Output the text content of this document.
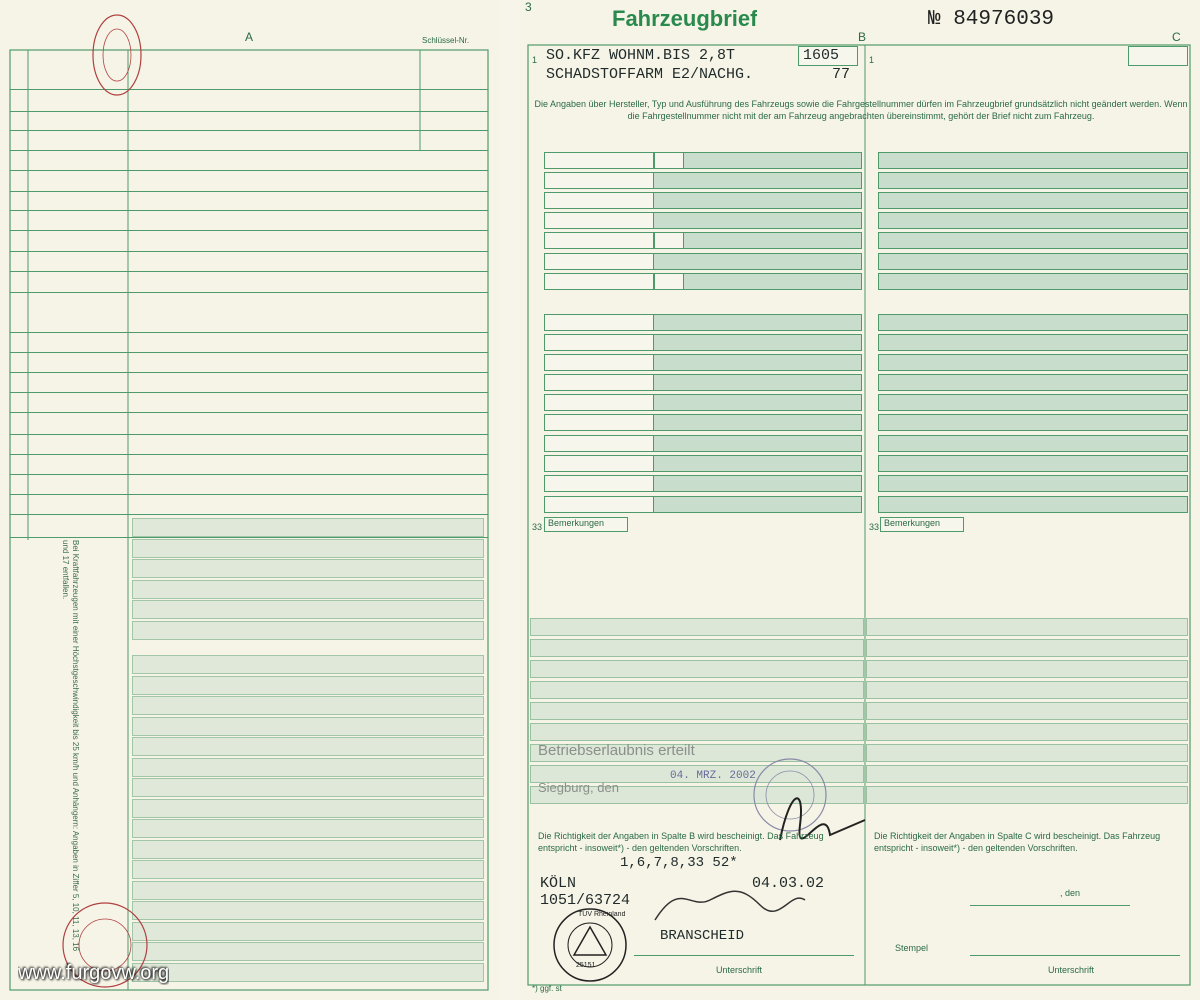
A	Schlüssel-Nr.
Bei Kraftfahrzeugen mit einer Höchstgeschwindigkeit bis 25 km/h und Anhängern: Angaben in Ziffer 5, 10, 11, 13, 16 und 17 entfallen.
www.furgovw.org
3	Fahrzeugbrief	№ 84976039
B	C
1	1
SO.KFZ WOHNM.BIS 2,8T
SCHADSTOFFARM E2/NACHG.
1605
77
Die Angaben über Hersteller, Typ und Ausführung des Fahrzeugs sowie die Fahrgestellnummer dürfen im Fahrzeugbrief grundsätzlich nicht geändert werden. Wenn die Fahrgestellnummer nicht mit der am Fahrzeug angebrachten übereinstimmt, gehört der Brief nicht zum Fahrzeug.
33 Bemerkungen	33 Bemerkungen
Betriebserlaubnis erteilt
Siegburg, den
04. MRZ. 2002
Die Richtigkeit der Angaben in Spalte B wird bescheinigt. Das Fahrzeug entspricht - insoweit*) - den geltenden Vorschriften.
1,6,7,8,33 52*
KÖLN	04.03.02
1051/63724
TÜV Rheinland
25151
BRANSCHEID
Unterschrift
*) ggf. st
Die Richtigkeit der Angaben in Spalte C wird bescheinigt. Das Fahrzeug entspricht - insoweit*) - den geltenden Vorschriften.
, den
Stempel
Unterschrift
